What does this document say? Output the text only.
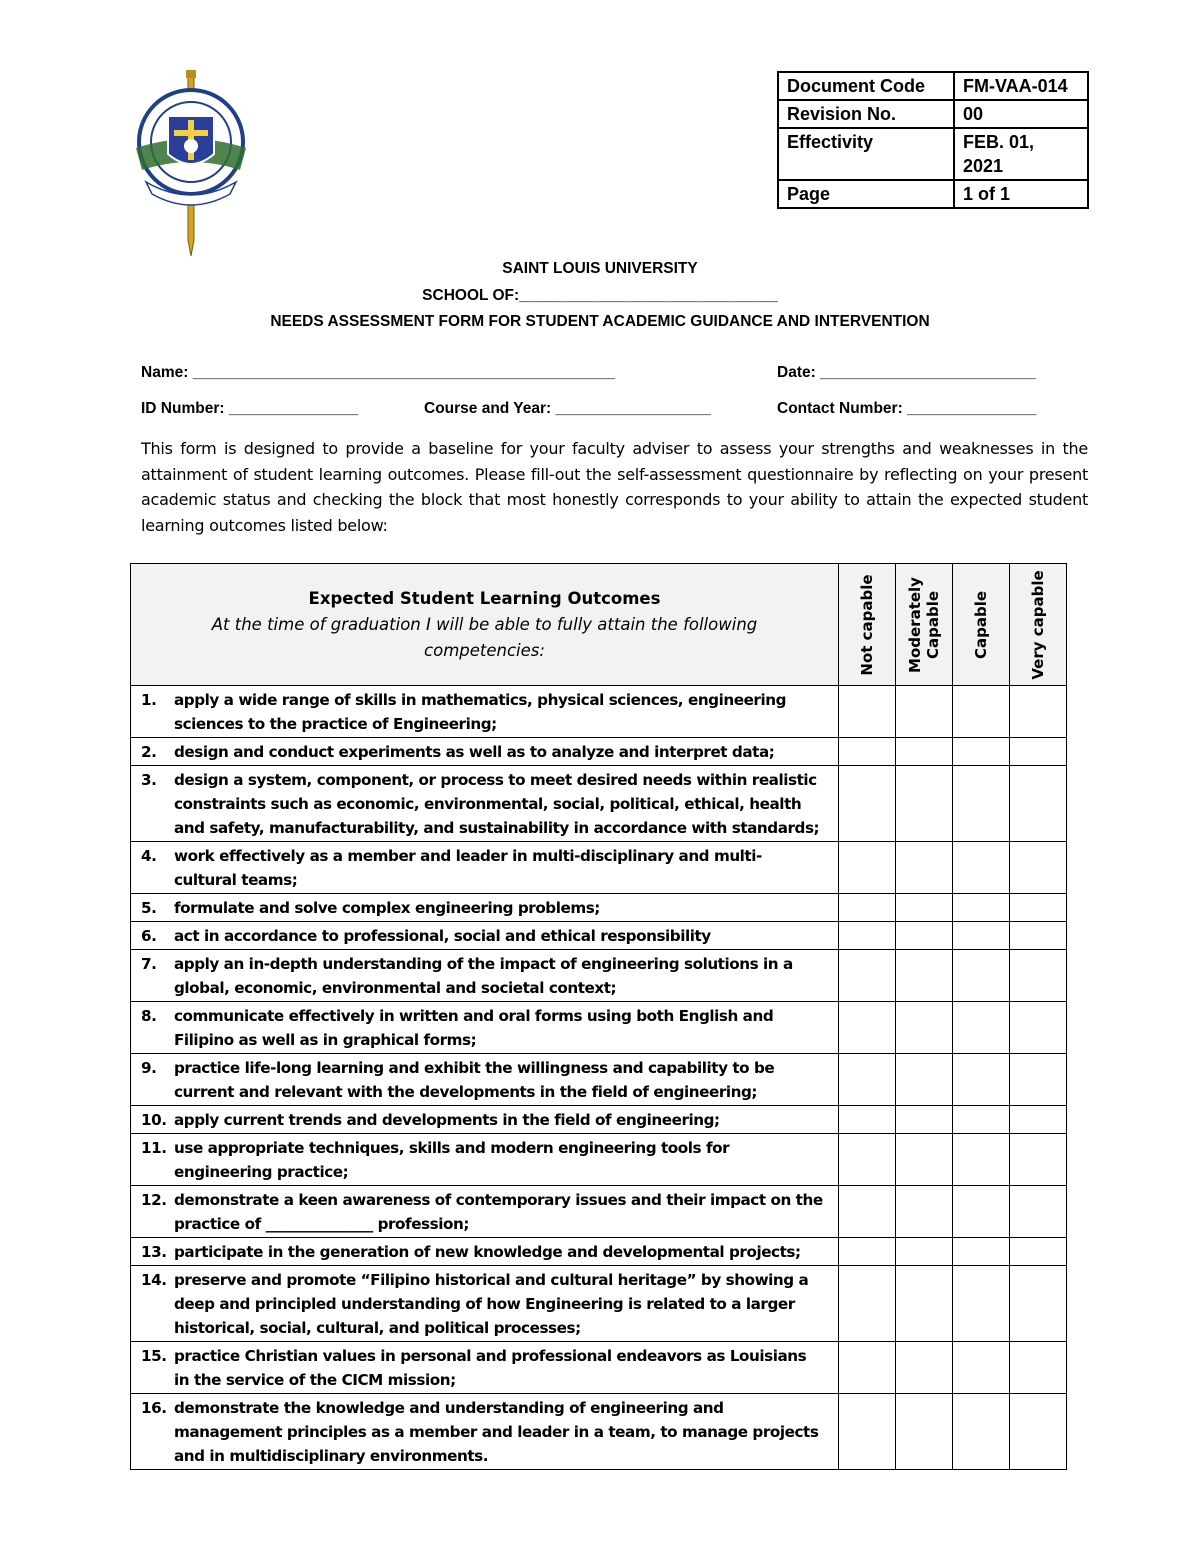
Document Code	FM-VAA-014
Revision No.	00
Effectivity	FEB. 01, 2021
Page	1 of 1
SAINT LOUIS UNIVERSITY
SCHOOL OF:______________________________
NEEDS ASSESSMENT FORM FOR STUDENT ACADEMIC GUIDANCE AND INTERVENTION
Name: _________________________________________________	Date: _________________________
ID Number: _______________	Course and Year: __________________	Contact Number: _______________
This form is designed to provide a baseline for your faculty adviser to assess your strengths and weaknesses in the attainment of student learning outcomes. Please fill-out the self-assessment questionnaire by reflecting on your present academic status and checking the block that most honestly corresponds to your ability to attain the expected student learning outcomes listed below:
Expected Student Learning Outcomes
At the time of graduation I will be able to fully attain the following competencies:	Not capable	Moderately Capable	Capable	Very capable

1. apply a wide range of skills in mathematics, physical sciences, engineering sciences to the practice of Engineering;				

2. design and conduct experiments as well as to analyze and interpret data;				

3. design a system, component, or process to meet desired needs within realistic constraints such as economic, environmental, social, political, ethical, health and safety, manufacturability, and sustainability in accordance with standards;				

4. work effectively as a member and leader in multi-disciplinary and multi-cultural teams;				

5. formulate and solve complex engineering problems;				

6. act in accordance to professional, social and ethical responsibility				

7. apply an in-depth understanding of the impact of engineering solutions in a global, economic, environmental and societal context;				

8. communicate effectively in written and oral forms using both English and Filipino as well as in graphical forms;				

9. practice life-long learning and exhibit the willingness and capability to be current and relevant with the developments in the field of engineering;				

10. apply current trends and developments in the field of engineering;				

11. use appropriate techniques, skills and modern engineering tools for engineering practice;				

12. demonstrate a keen awareness of contemporary issues and their impact on the practice of _______________ profession;				

13. participate in the generation of new knowledge and developmental projects;				

14. preserve and promote “Filipino historical and cultural heritage” by showing a deep and principled understanding of how Engineering is related to a larger historical, social, cultural, and political processes;				

15. practice Christian values in personal and professional endeavors as Louisians in the service of the CICM mission;				

16. demonstrate the knowledge and understanding of engineering and management principles as a member and leader in a team, to manage projects and in multidisciplinary environments.				
